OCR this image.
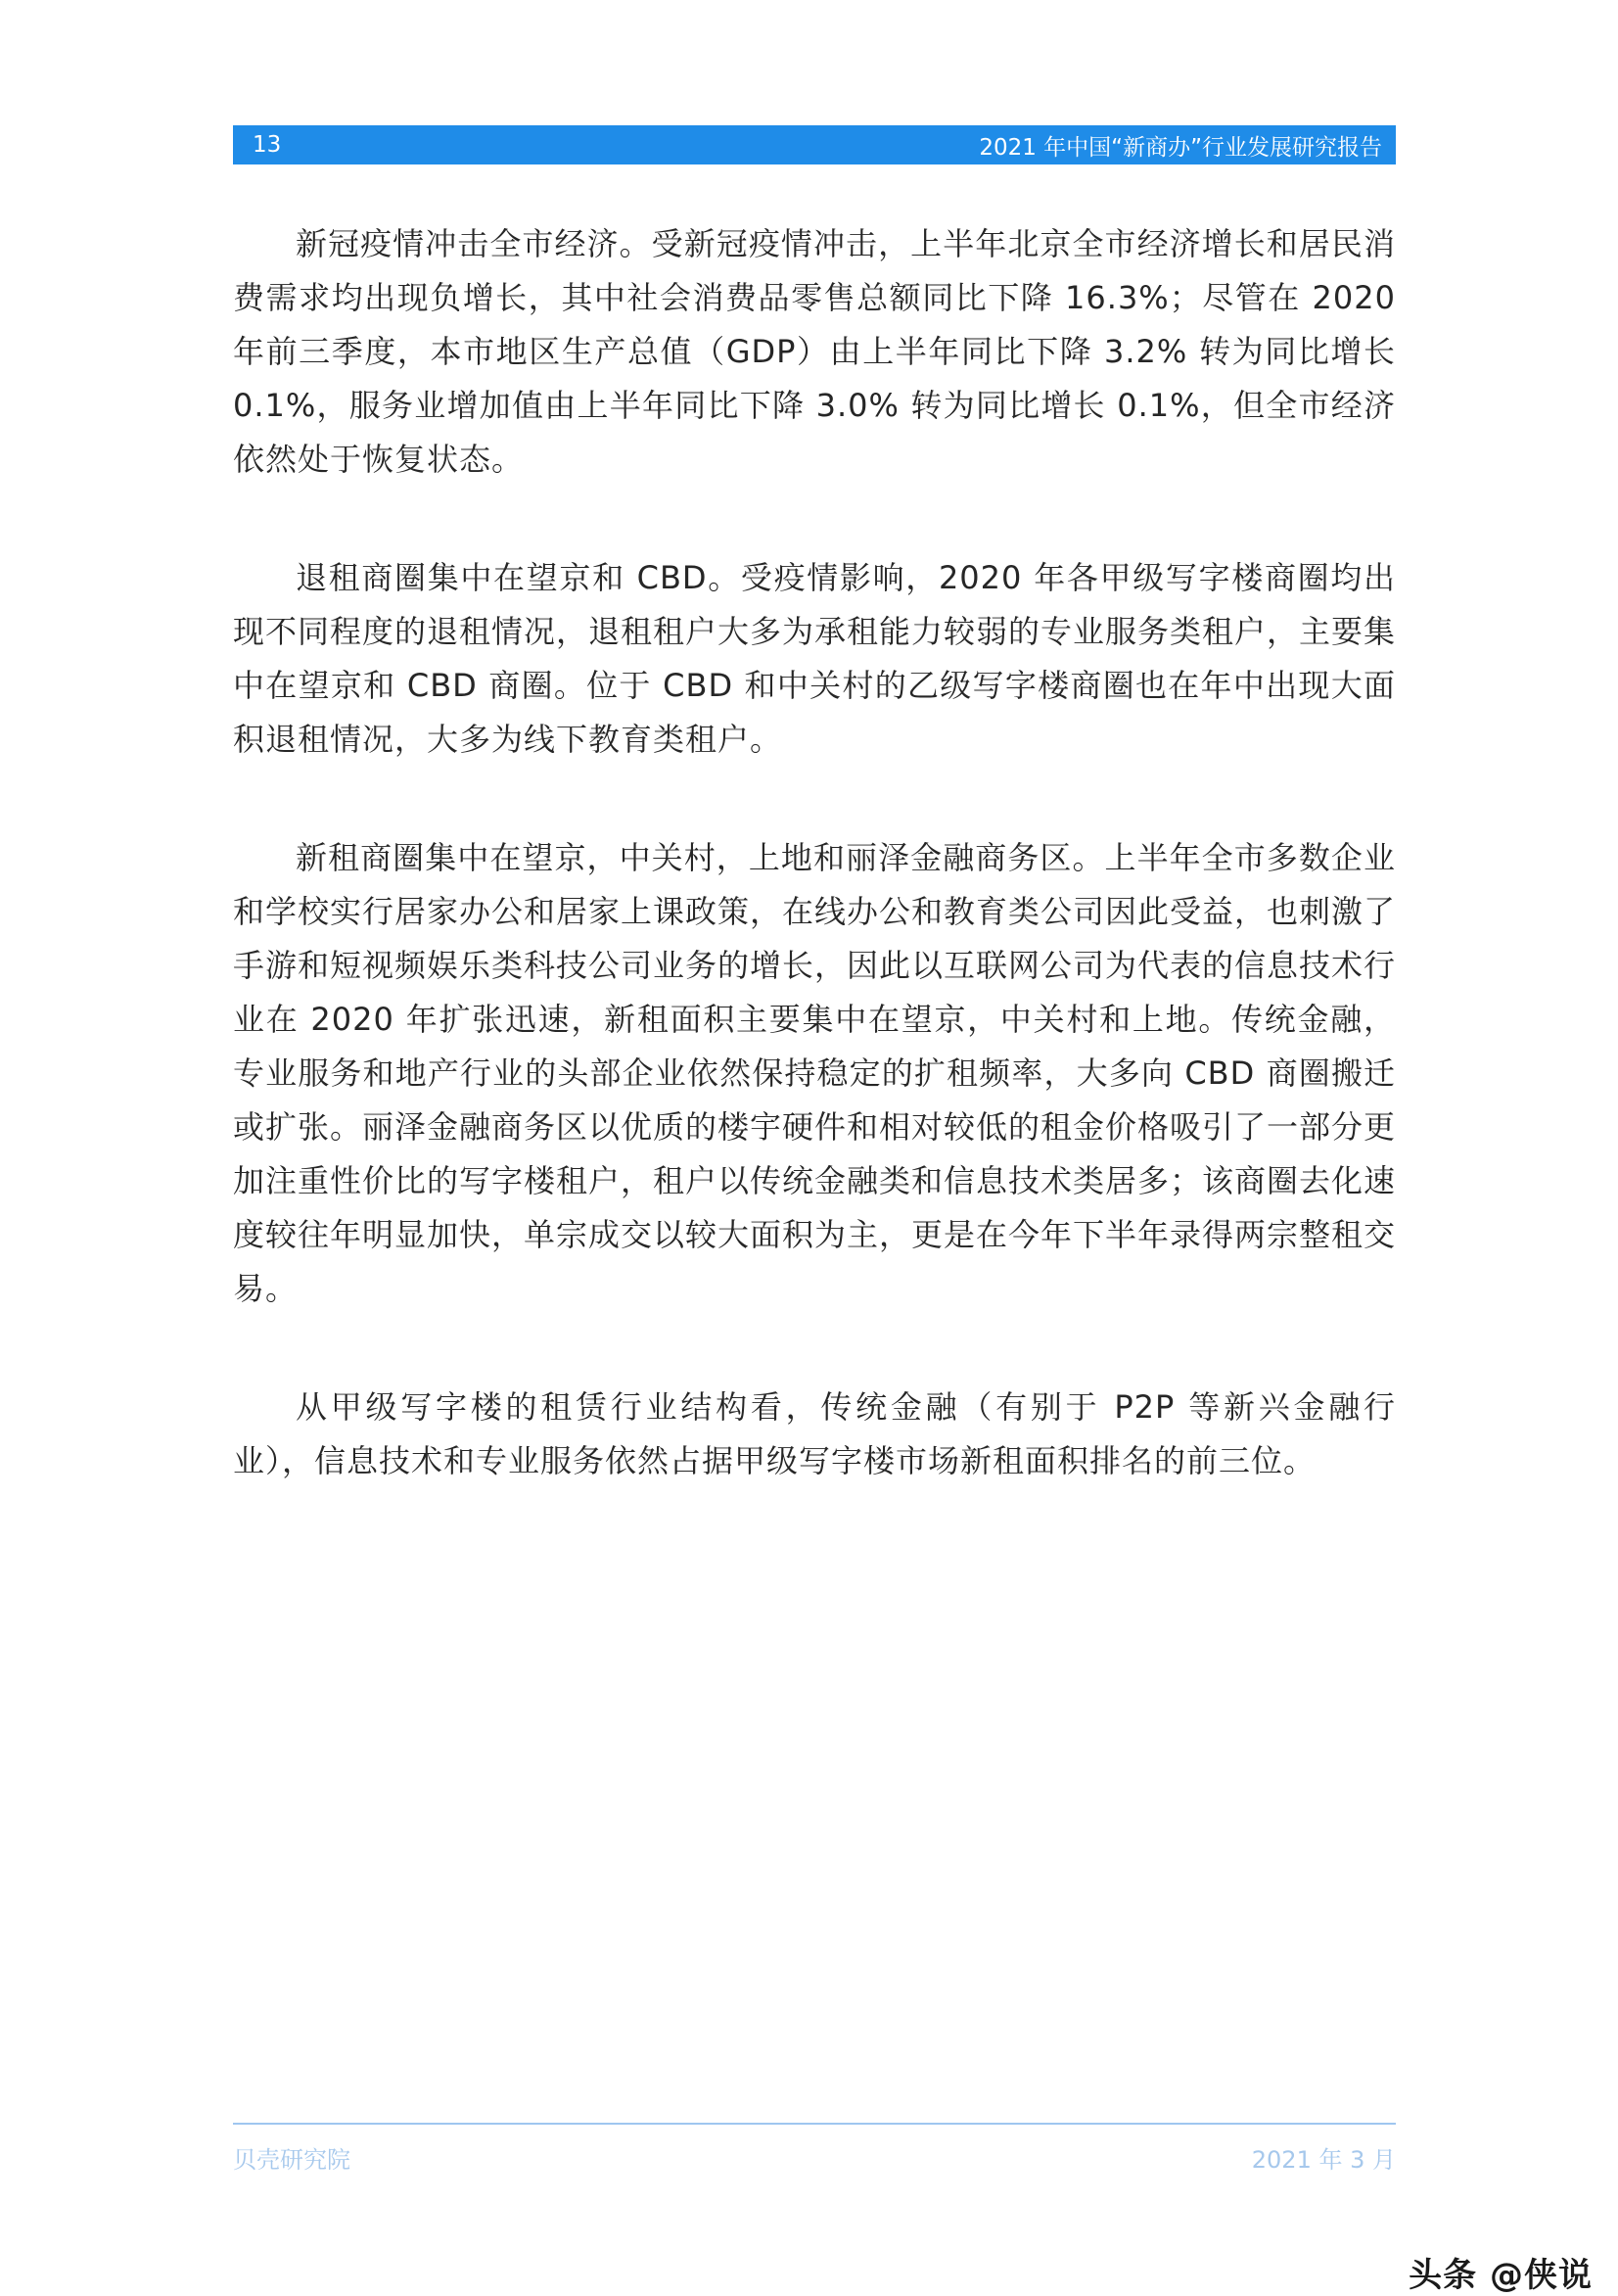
13	2021 年中国“新商办”行业发展研究报告

新冠疫情冲击全市经济。受新冠疫情冲击，上半年北京全市经济增长和居民消费需求均出现负增长，其中社会消费品零售总额同比下降 16.3%；尽管在 2020 年前三季度，本市地区生产总值（GDP）由上半年同比下降 3.2% 转为同比增长 0.1%，服务业增加值由上半年同比下降 3.0% 转为同比增长 0.1%，但全市经济依然处于恢复状态。

退租商圈集中在望京和 CBD。受疫情影响，2020 年各甲级写字楼商圈均出现不同程度的退租情况，退租租户大多为承租能力较弱的专业服务类租户，主要集中在望京和 CBD 商圈。位于 CBD 和中关村的乙级写字楼商圈也在年中出现大面积退租情况，大多为线下教育类租户。

新租商圈集中在望京，中关村，上地和丽泽金融商务区。上半年全市多数企业和学校实行居家办公和居家上课政策，在线办公和教育类公司因此受益，也刺激了手游和短视频娱乐类科技公司业务的增长，因此以互联网公司为代表的信息技术行业在 2020 年扩张迅速，新租面积主要集中在望京，中关村和上地。传统金融，专业服务和地产行业的头部企业依然保持稳定的扩租频率，大多向 CBD 商圈搬迁或扩张。丽泽金融商务区以优质的楼宇硬件和相对较低的租金价格吸引了一部分更加注重性价比的写字楼租户，租户以传统金融类和信息技术类居多；该商圈去化速度较往年明显加快，单宗成交以较大面积为主，更是在今年下半年录得两宗整租交易。

从甲级写字楼的租赁行业结构看，传统金融（有别于 P2P 等新兴金融行业），信息技术和专业服务依然占据甲级写字楼市场新租面积排名的前三位。

贝壳研究院	2021 年 3 月
头条 @侠说
